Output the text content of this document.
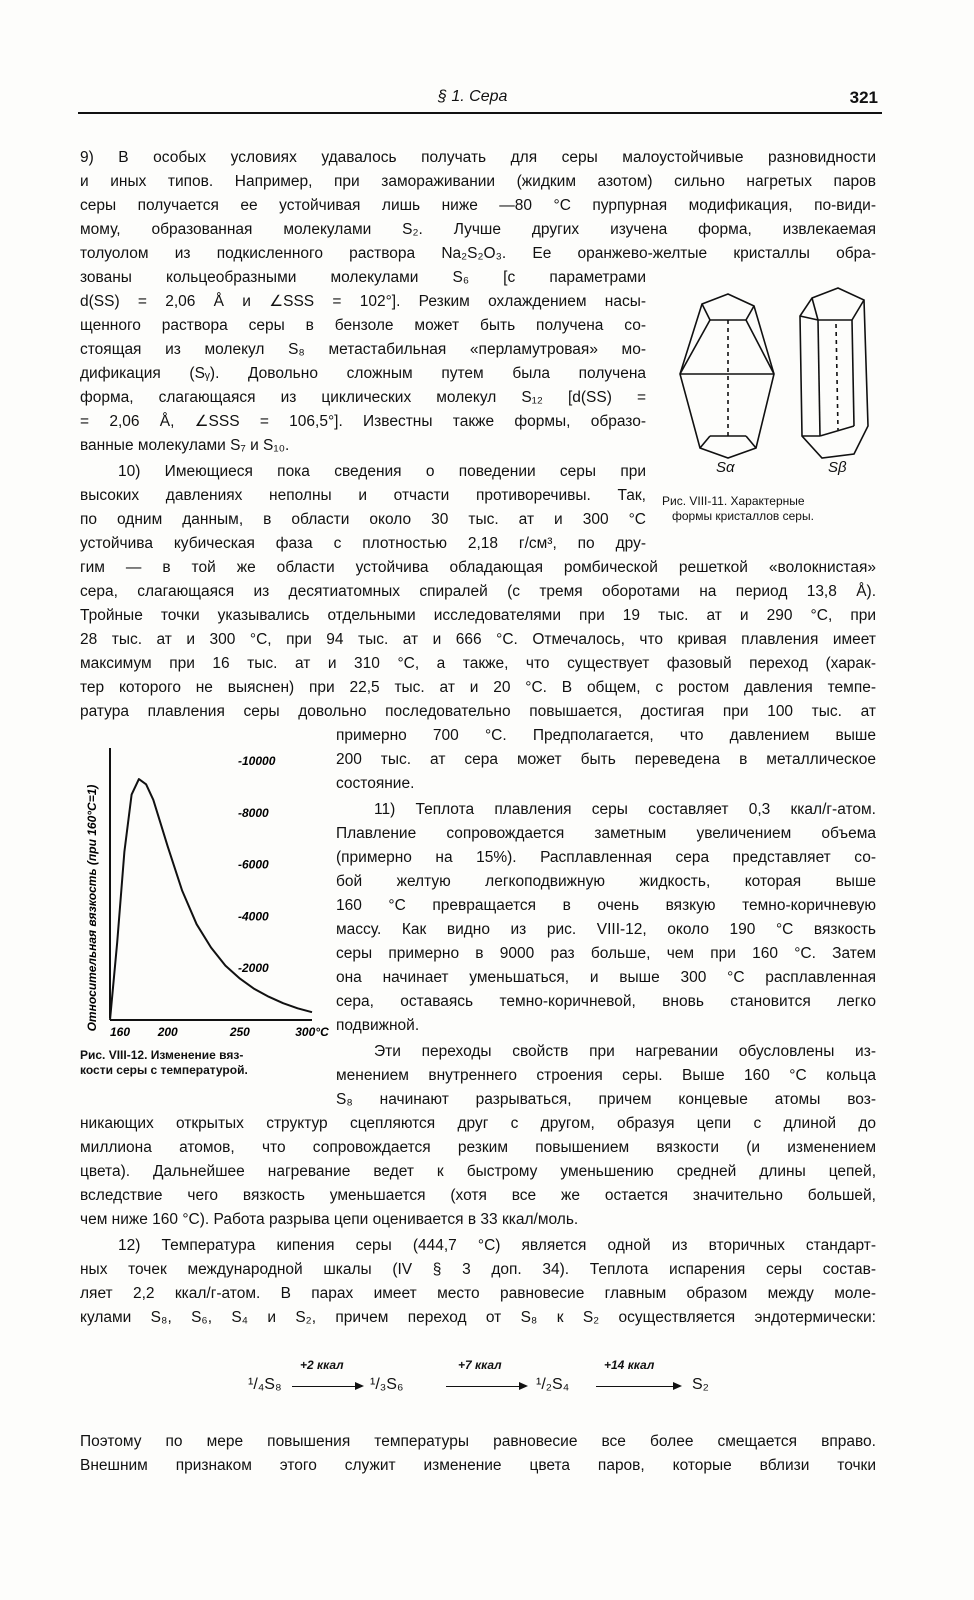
§ 1. Сера	321
9) В особых условиях удавалось получать для серы малоустойчивые разновидности
и иных типов. Например, при замораживании (жидким азотом) сильно нагретых паров
серы получается ее устойчивая лишь ниже —80 °С пурпурная модификация, по-види-
мому, образованная молекулами S₂. Лучше других изучена форма, извлекаемая
толуолом из подкисленного раствора Na₂S₂O₃. Ее оранжево-желтые кристаллы обра-
зованы кольцеобразными молекулами S₆ [с параметрами
d(SS) = 2,06 Å и ∠SSS = 102°]. Резким охлаждением насы-
щенного раствора серы в бензоле может быть получена со-
стоящая из молекул S₈ метастабильная «перламутровая» мо-
дификация (Sᵧ). Довольно сложным путем была получена
форма, слагающаяся из циклических молекул S₁₂ [d(SS) =
= 2,06 Å, ∠SSS = 106,5°]. Известны также формы, образо-
ванные молекулами S₇ и S₁₀.
10) Имеющиеся пока сведения о поведении серы при
высоких давлениях неполны и отчасти противоречивы. Так,
по одним данным, в области около 30 тыс. ат и 300 °С
устойчива кубическая фаза с плотностью 2,18 г/см³, по дру-
гим — в той же области устойчива обладающая ромбической решеткой «волокнистая»
сера, слагающаяся из десятиатомных спиралей (с тремя оборотами на период 13,8 Å).
Тройные точки указывались отдельными исследователями при 19 тыс. ат и 290 °С, при
28 тыс. ат и 300 °С, при 94 тыс. ат и 666 °С. Отмечалось, что кривая плавления имеет
максимум при 16 тыс. ат и 310 °С, а также, что существует фазовый переход (харак-
тер которого не выяснен) при 22,5 тыс. ат и 20 °С. В общем, с ростом давления темпе-
ратура плавления серы довольно последовательно повышается, достигая при 100 тыс. ат
примерно 700 °С. Предполагается, что давлением выше
200 тыс. ат сера может быть переведена в металлическое
состояние.
11) Теплота плавления серы составляет 0,3 ккал/г-атом.
Плавление сопровождается заметным увеличением объема
(примерно на 15%). Расплавленная сера представляет со-
бой желтую легкоподвижную жидкость, которая выше
160 °С превращается в очень вязкую темно-коричневую
массу. Как видно из рис. VIII-12, около 190 °С вязкость
серы примерно в 9000 раз больше, чем при 160 °С. Затем
она начинает уменьшаться, и выше 300 °С расплавленная
сера, оставаясь темно-коричневой, вновь становится легко
подвижной.
Эти переходы свойств при нагревании обусловлены из-
менением внутреннего строения серы. Выше 160 °С кольца
S₈ начинают разрываться, причем концевые атомы воз-
никающих открытых структур сцепляются друг с другом, образуя цепи с длиной до
миллиона атомов, что сопровождается резким повышением вязкости (и изменением
цвета). Дальнейшее нагревание ведет к быстрому уменьшению средней длины цепей,
вследствие чего вязкость уменьшается (хотя все же остается значительно большей,
чем ниже 160 °С). Работа разрыва цепи оценивается в 33 ккал/моль.
12) Температура кипения серы (444,7 °С) является одной из вторичных стандарт-
ных точек международной шкалы (IV § 3 доп. 34). Теплота испарения серы состав-
ляет 2,2 ккал/г-атом. В парах имеет место равновесие главным образом между моле-
кулами S₈, S₆, S₄ и S₂, причем переход от S₈ к S₂ осуществляется эндотермически:
Поэтому по мере повышения температуры равновесие все более смещается вправо.
Внешним признаком этого служит изменение цвета паров, которые вблизи точки
Sα	Sβ
Рис. VIII-11. Характерные
формы кристаллов серы.
Относительная вязкость (при 160°С=1)	-2000
-4000
-6000
-8000
-10000
160 200	250	300°С
Рис. VIII-12. Изменение вяз-
кости серы с температурой.
¹/₄S₈
+2 ккал
¹/₃S₆
+7 ккал
¹/₂S₄
+14 ккал
S₂
